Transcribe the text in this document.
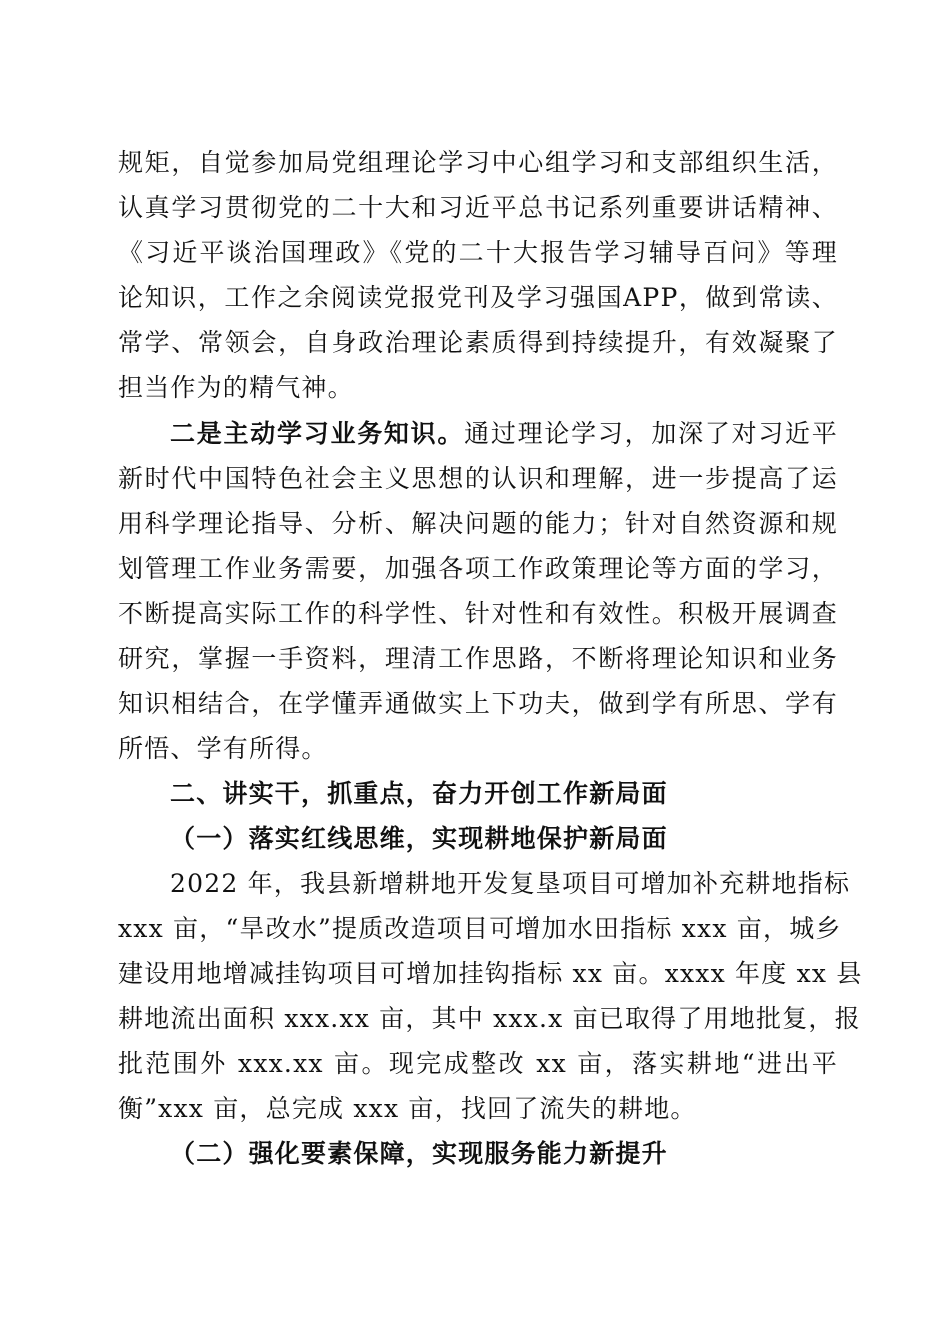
规矩，自觉参加局党组理论学习中心组学习和支部组织生活，
认真学习贯彻党的二十大和习近平总书记系列重要讲话精神、
《习近平谈治国理政》《党的二十大报告学习辅导百问》等理
论知识，工作之余阅读党报党刊及学习强国APP，做到常读、
常学、常领会，自身政治理论素质得到持续提升，有效凝聚了
担当作为的精气神。
二是主动学习业务知识。通过理论学习，加深了对习近平
新时代中国特色社会主义思想的认识和理解，进一步提高了运
用科学理论指导、分析、解决问题的能力；针对自然资源和规
划管理工作业务需要，加强各项工作政策理论等方面的学习，
不断提高实际工作的科学性、针对性和有效性。积极开展调查
研究，掌握一手资料，理清工作思路，不断将理论知识和业务
知识相结合，在学懂弄通做实上下功夫，做到学有所思、学有
所悟、学有所得。
二、讲实干，抓重点，奋力开创工作新局面
（一）落实红线思维，实现耕地保护新局面
2022 年，我县新增耕地开发复垦项目可增加补充耕地指标
xxx 亩，“旱改水”提质改造项目可增加水田指标 xxx 亩，城乡
建设用地增减挂钩项目可增加挂钩指标 xx 亩。xxxx 年度 xx 县
耕地流出面积 xxx.xx 亩，其中 xxx.x 亩已取得了用地批复，报
批范围外 xxx.xx 亩。现完成整改 xx 亩，落实耕地“进出平
衡”xxx 亩，总完成 xxx 亩，找回了流失的耕地。
（二）强化要素保障，实现服务能力新提升
